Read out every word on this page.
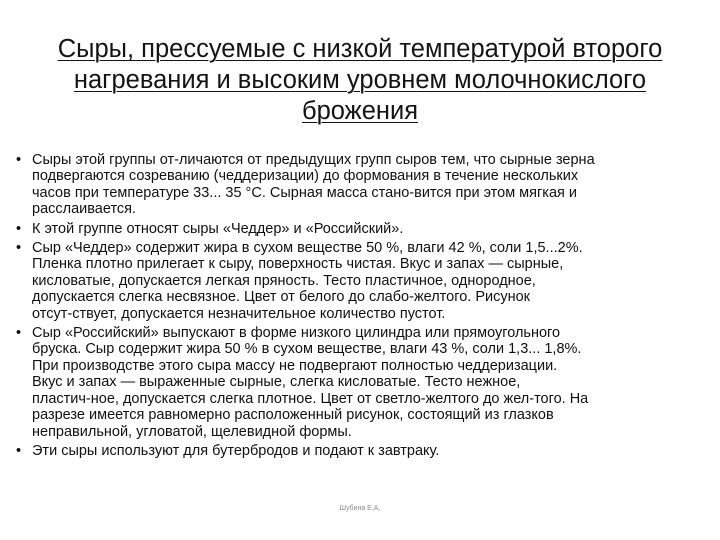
Сыры, прессуемые с низкой температурой второго
нагревания и высоким уровнем молочнокислого
брожения
• Сыры этой группы от-личаются от предыдущих групп сыров тем, что сырные зерна
подвергаются созреванию (чеддеризации) до формования в течение нескольких
часов при температуре 33... 35 °С. Сырная масса стано-вится при этом мягкая и
расслаивается.
• К этой группе относят сыры «Чеддер» и «Российский».
• Сыр «Чеддер» содержит жира в сухом веществе 50 %, влаги 42 %, соли 1,5...2%.
Пленка плотно прилегает к сыру, поверхность чистая. Вкус и запах — сырные,
кисловатые, допускается легкая пряность. Тесто пластичное, однородное,
допускается слегка несвязное. Цвет от белого до слабо-желтого. Рисунок
отсут-ствует, допускается незначительное количество пустот.
• Сыр «Российский» выпускают в форме низкого цилиндра или прямоугольного
бруска. Сыр содержит жира 50 % в сухом веществе, влаги 43 %, соли 1,3... 1,8%.
При производстве этого сыра массу не подвергают полностью чеддеризации.
Вкус и запах — выраженные сырные, слегка кисловатые. Тесто нежное,
пластич-ное, допускается слегка плотное. Цвет от светло-желтого до жел-того. На
разрезе имеется равномерно расположенный рисунок, состоящий из глазков
неправильной, угловатой, щелевидной формы.
• Эти сыры используют для бутербродов и подают к завтраку.
Шубина Е.А.
